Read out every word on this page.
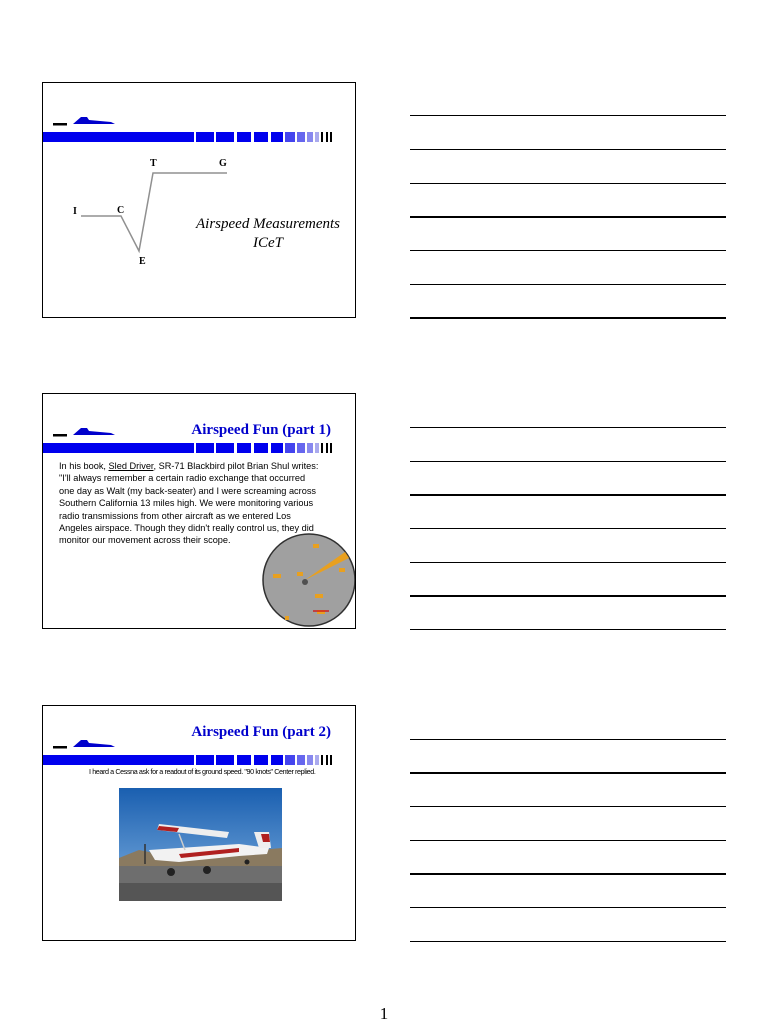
I	C
E
T	G
Airspeed Measurements
ICeT
Airspeed Fun (part 1)
In his book, Sled Driver, SR-71 Blackbird pilot Brian Shul writes: "I'll always remember a certain radio exchange that occurred one day as Walt (my back-seater) and I were screaming across Southern California 13 miles high. We were monitoring various radio transmissions from other aircraft as we entered Los Angeles airspace. Though they didn't really control us, they did monitor our movement across their scope.
Airspeed Fun (part 2)
I heard a Cessna ask for a readout of its ground speed. "90 knots" Center replied.
1
